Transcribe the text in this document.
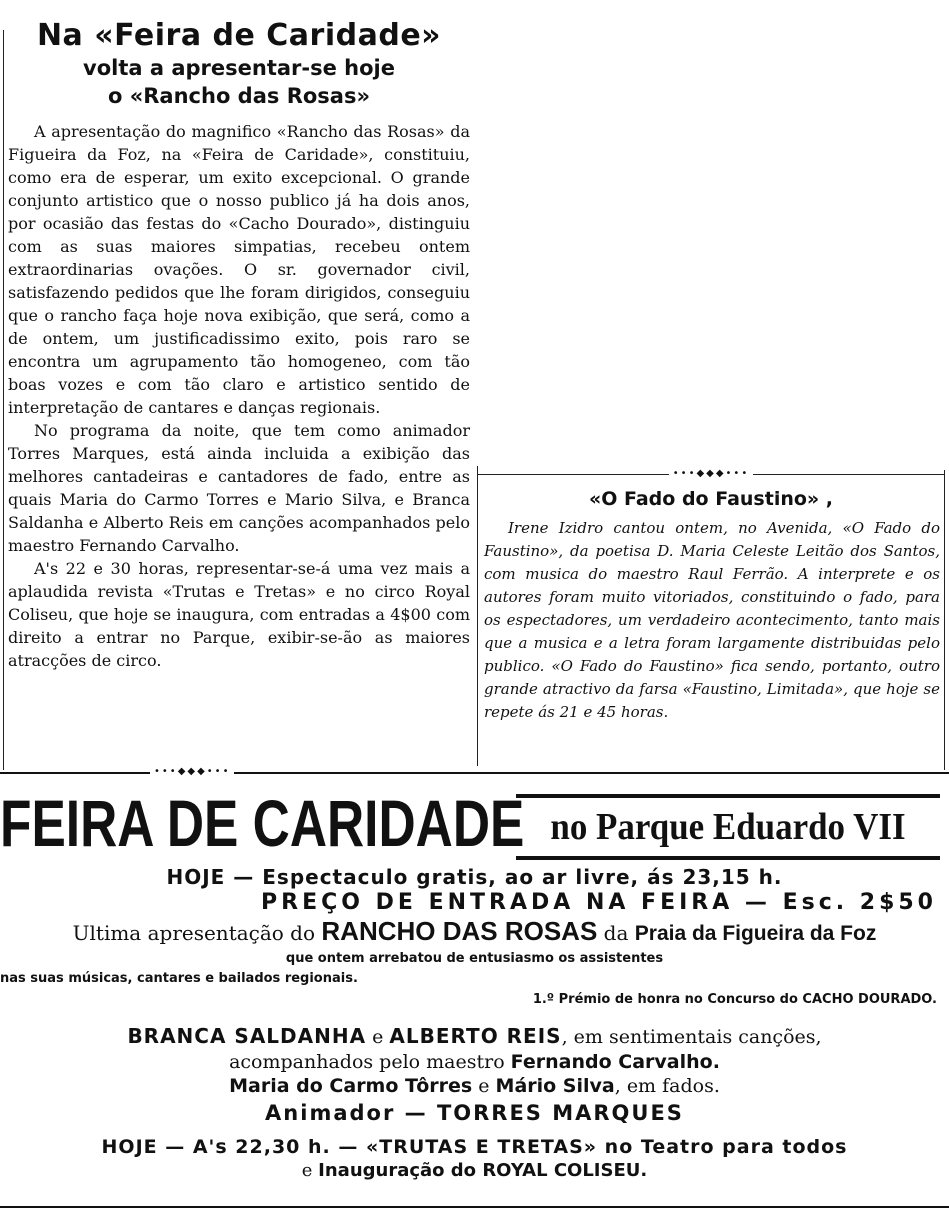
Na «Feira de Caridade»
volta a apresentar-se hoje
o «Rancho das Rosas»

A apresentação do magnifico «Rancho das Rosas» da Figueira da Foz, na «Feira de Caridade», constituiu, como era de esperar, um exito excepcional. O grande conjunto artistico que o nosso publico já ha dois anos, por ocasião das festas do «Cacho Dourado», distinguiu com as suas maiores simpatias, recebeu ontem extraordinarias ovações. O sr. governador civil, satisfazendo pedidos que lhe foram dirigidos, conseguiu que o rancho faça hoje nova exibição, que será, como a de ontem, um justificadissimo exito, pois raro se encontra um agrupamento tão homogeneo, com tão boas vozes e com tão claro e artistico sentido de interpretação de cantares e danças regionais.

No programa da noite, que tem como animador Torres Marques, está ainda incluida a exibição das melhores cantadeiras e cantadores de fado, entre as quais Maria do Carmo Torres e Mario Silva, e Branca Saldanha e Alberto Reis em canções acompanhados pelo maestro Fernando Carvalho.

A's 22 e 30 horas, representar-se-á uma vez mais a aplaudida revista «Trutas e Tretas» e no circo Royal Coliseu, que hoje se inaugura, com entradas a 4$00 com direito a entrar no Parque, exibir-se-ão as maiores atracções de circo.

•••◆◆◆•••
«O Fado do Faustino» ,

Irene Izidro cantou ontem, no Avenida, «O Fado do Faustino», da poetisa D. Maria Celeste Leitão dos Santos, com musica do maestro Raul Ferrão. A interprete e os autores foram muito vitoriados, constituindo o fado, para os espectadores, um verdadeiro acontecimento, tanto mais que a musica e a letra foram largamente distribuidas pelo publico. «O Fado do Faustino» fica sendo, portanto, outro grande atractivo da farsa «Faustino, Limitada», que hoje se repete ás 21 e 45 horas.

•••◆◆◆•••
FEIRA DE CARIDADE no Parque Eduardo VII

HOJE — Espectaculo gratis, ao ar livre, ás 23,15 h.

PREÇO DE ENTRADA NA FEIRA — Esc. 2$50

Ultima apresentação do RANCHO DAS ROSAS da Praia da Figueira da Foz

que ontem arrebatou de entusiasmo os assistentes

nas suas músicas, cantares e bailados regionais.

1.º Prémio de honra no Concurso do CACHO DOURADO.

BRANCA SALDANHA e ALBERTO REIS, em sentimentais canções,

acompanhados pelo maestro Fernando Carvalho.

Maria do Carmo Tôrres e Mário Silva, em fados.

Animador — TORRES MARQUES

HOJE — A's 22,30 h. — «TRUTAS E TRETAS» no Teatro para todos

e Inauguração do ROYAL COLISEU.
